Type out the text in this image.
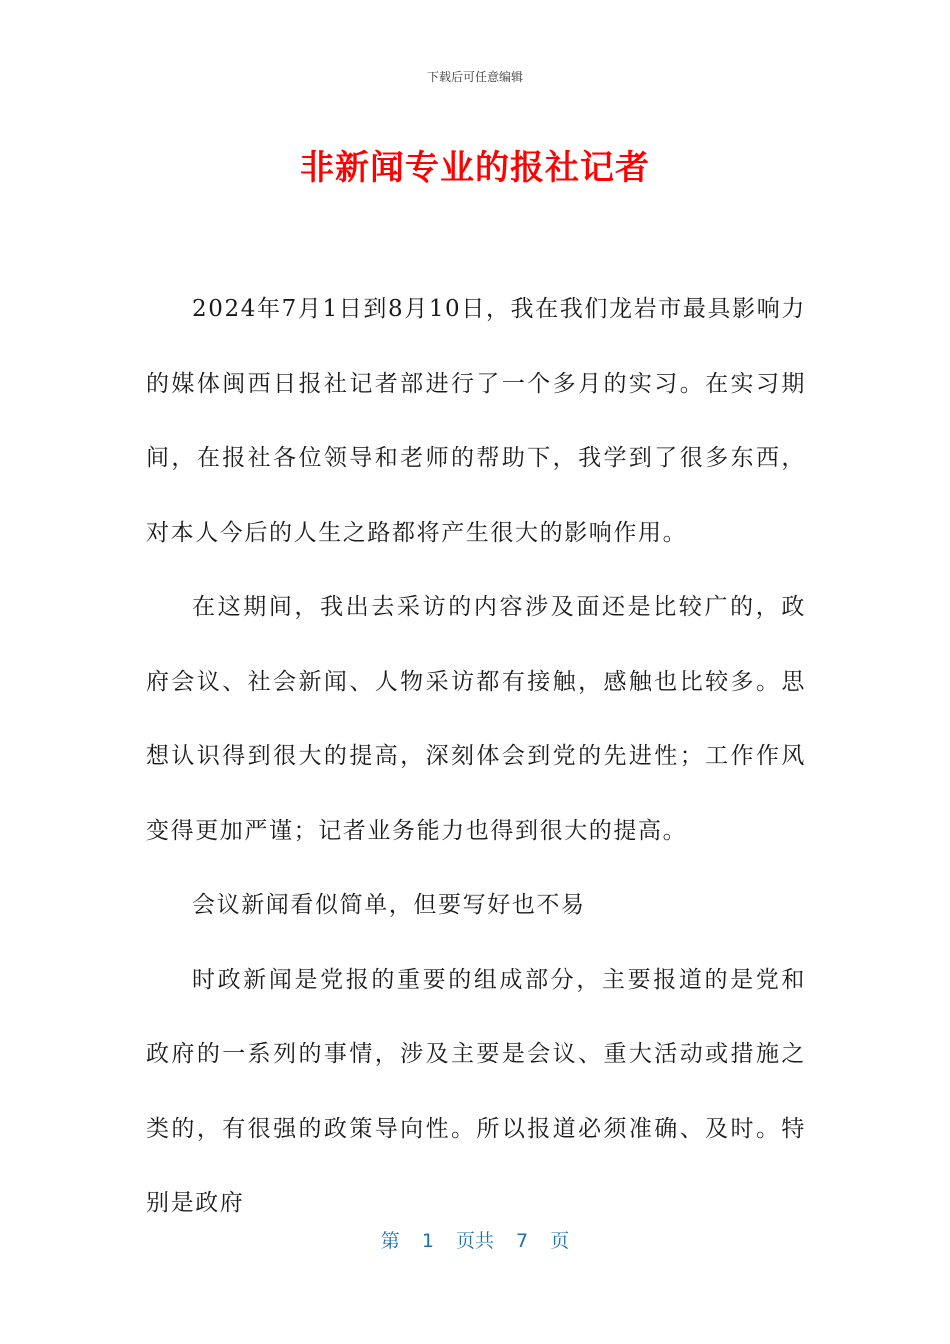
下载后可任意编辑
非新闻专业的报社记者

2024年7月1日到8月10日，我在我们龙岩市最具影响力的媒体闽西日报社记者部进行了一个多月的实习。在实习期间，在报社各位领导和老师的帮助下，我学到了很多东西，对本人今后的人生之路都将产生很大的影响作用。

在这期间，我出去采访的内容涉及面还是比较广的，政府会议、社会新闻、人物采访都有接触，感触也比较多。思想认识得到很大的提高，深刻体会到党的先进性；工作作风变得更加严谨；记者业务能力也得到很大的提高。

会议新闻看似简单，但要写好也不易

时政新闻是党报的重要的组成部分，主要报道的是党和政府的一系列的事情，涉及主要是会议、重大活动或措施之类的，有很强的政策导向性。所以报道必须准确、及时。特别是政府

第 1 页共 7 页
